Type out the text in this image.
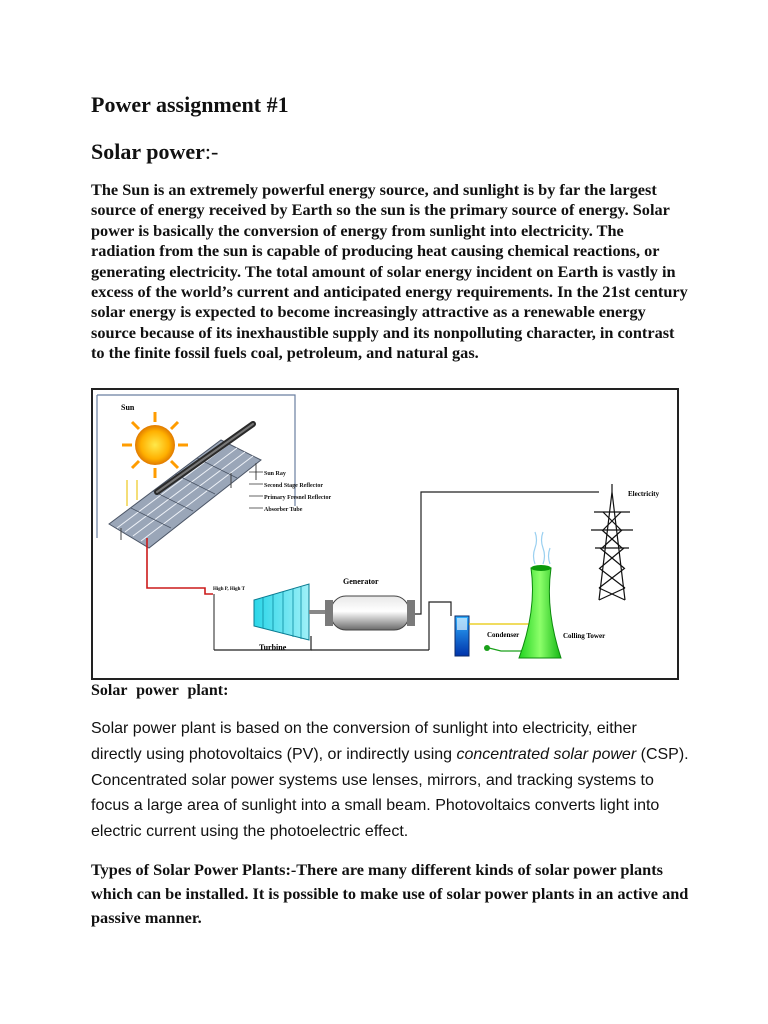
Power assignment #1
Solar power:-

The Sun is an extremely powerful energy source, and sunlight is by far the largest source of energy received by Earth so the sun is the primary source of energy. Solar power is basically the conversion of energy from sunlight into electricity. The radiation from the sun is capable of producing heat causing chemical reactions, or generating electricity. The total amount of solar energy incident on Earth is vastly in excess of the world’s current and anticipated energy requirements. In the 21st century solar energy is expected to become increasingly attractive as a renewable energy source because of its inexhaustible supply and its nonpolluting character, in contrast to the finite fossil fuels coal, petroleum, and natural gas.

Sun
Sun Ray
Second Stage Reflector
Primary Fresnel Reflector
Absorber Tube
High P, High T
Turbine
Generator
Condenser	Colling Tower
Electricity
Solar power plant:
Solar power plant is based on the conversion of sunlight into electricity, either directly using photovoltaics (PV), or indirectly using concentrated solar power (CSP). Concentrated solar power systems use lenses, mirrors, and tracking systems to focus a large area of sunlight into a small beam. Photovoltaics converts light into electric current using the photoelectric effect.
Types of Solar Power Plants:-There are many different kinds of solar power plants which can be installed. It is possible to make use of solar power plants in an active and passive manner.
